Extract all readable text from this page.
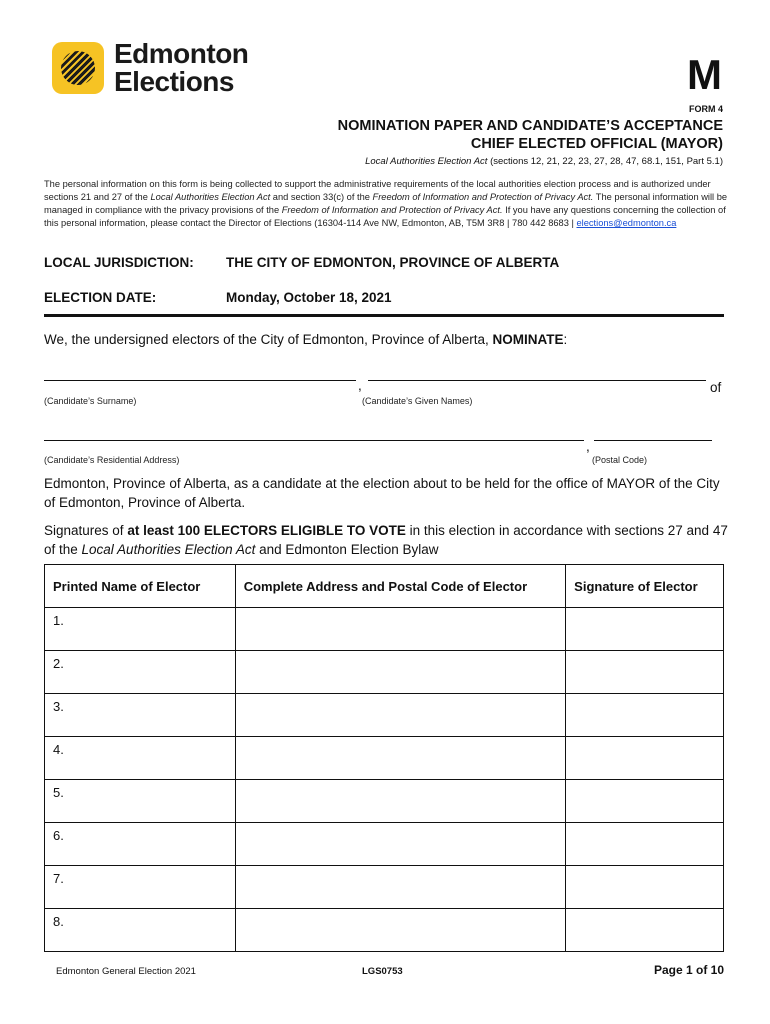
Edmonton
Elections	M
FORM 4
NOMINATION PAPER AND CANDIDATE’S ACCEPTANCE
CHIEF ELECTED OFFICIAL (MAYOR)
Local Authorities Election Act (sections 12, 21, 22, 23, 27, 28, 47, 68.1, 151, Part 5.1)
The personal information on this form is being collected to support the administrative requirements of the local authorities election process and is authorized under sections 21 and 27 of the Local Authorities Election Act and section 33(c) of the Freedom of Information and Protection of Privacy Act. The personal information will be managed in compliance with the privacy provisions of the Freedom of Information and Protection of Privacy Act. If you have any questions concerning the collection of this personal information, please contact the Director of Elections (16304-114 Ave NW, Edmonton, AB, T5M 3R8 | 780 442 8683 | elections@edmonton.ca
LOCAL JURISDICTION: THE CITY OF EDMONTON, PROVINCE OF ALBERTA
ELECTION DATE:	Monday, October 18, 2021
We, the undersigned electors of the City of Edmonton, Province of Alberta, NOMINATE:
,	of
(Candidate’s Surname)	(Candidate’s Given Names)
,
(Candidate’s Residential Address)	(Postal Code)
Edmonton, Province of Alberta, as a candidate at the election about to be held for the office of MAYOR of the City of Edmonton, Province of Alberta.
Signatures of at least 100 ELECTORS ELIGIBLE TO VOTE in this election in accordance with sections 27 and 47 of the Local Authorities Election Act and Edmonton Election Bylaw
Printed Name of Elector	Complete Address and Postal Code of Elector	Signature of Elector
1.		
2.		
3.		
4.		
5.		
6.		
7.		
8.		
Edmonton General Election 2021	LGS0753	Page 1 of 10
